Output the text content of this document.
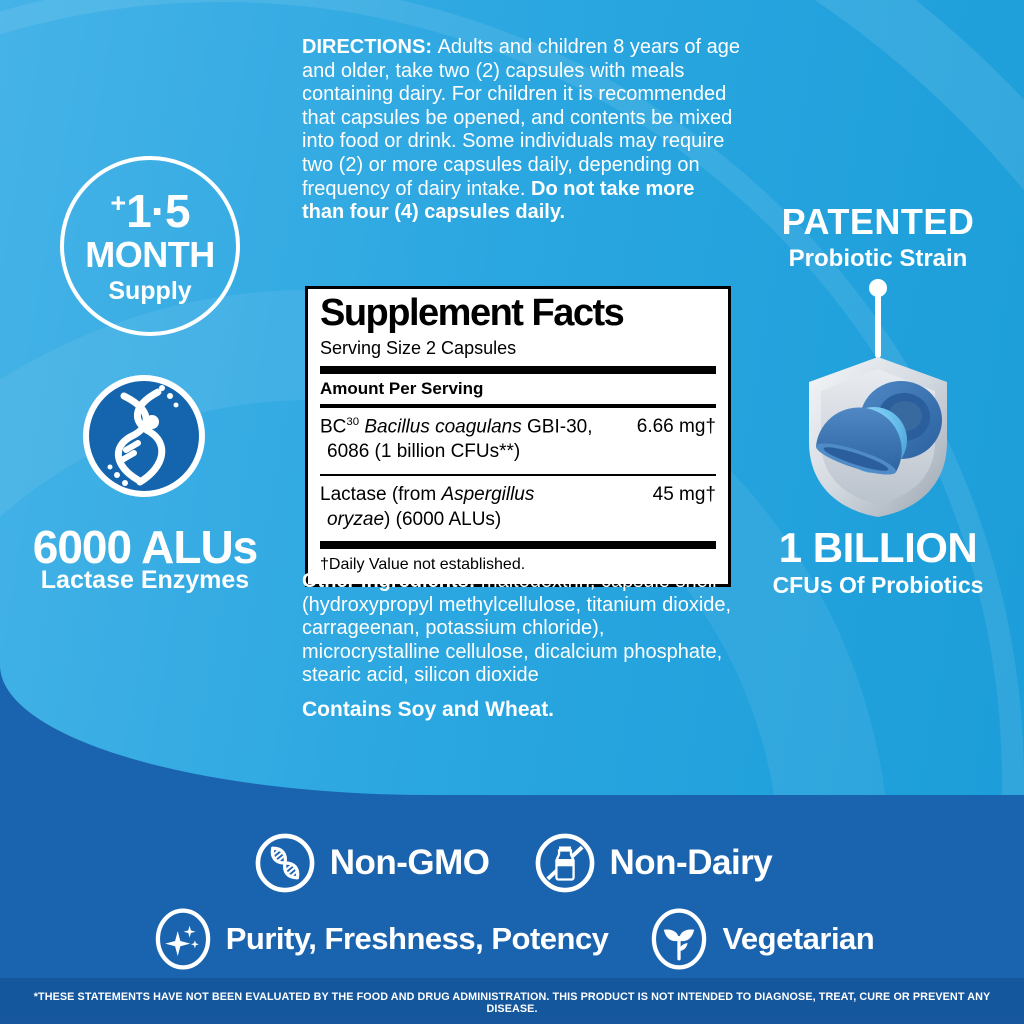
+ 1·5
MONTH
Supply
6000 ALUs
Lactase Enzymes
PATENTED
Probiotic Strain
1 BILLION
CFUs Of Probiotics
DIRECTIONS: Adults and children 8 years of age and older, take two (2) capsules with meals containing dairy. For children it is recommended that capsules be opened, and contents be mixed into food or drink. Some individuals may require two (2) or more capsules daily, depending on frequency of dairy intake. Do not take more than four (4) capsules daily.
Supplement Facts
Serving Size 2 Capsules
Amount Per Serving
BC$^{30}$ Bacillus coagulans GBI-30,
6086 (1 billion CFUs**)
6.66 mg†
Lactase (from Aspergillus
oryzae) (6000 ALUs)
45 mg†
†Daily Value not established.
Other Ingredients: maltodextrin, capsule shell (hydroxypropyl methylcellulose, titanium dioxide, carrageenan, potassium chloride), microcrystalline cellulose, dicalcium phosphate, stearic acid, silicon dioxide
Contains Soy and Wheat.
Non-GMO	Non-Dairy
Purity, Freshness, Potency	Vegetarian
*THESE STATEMENTS HAVE NOT BEEN EVALUATED BY THE FOOD AND DRUG ADMINISTRATION. THIS PRODUCT IS NOT INTENDED TO DIAGNOSE, TREAT, CURE OR PREVENT ANY DISEASE.
